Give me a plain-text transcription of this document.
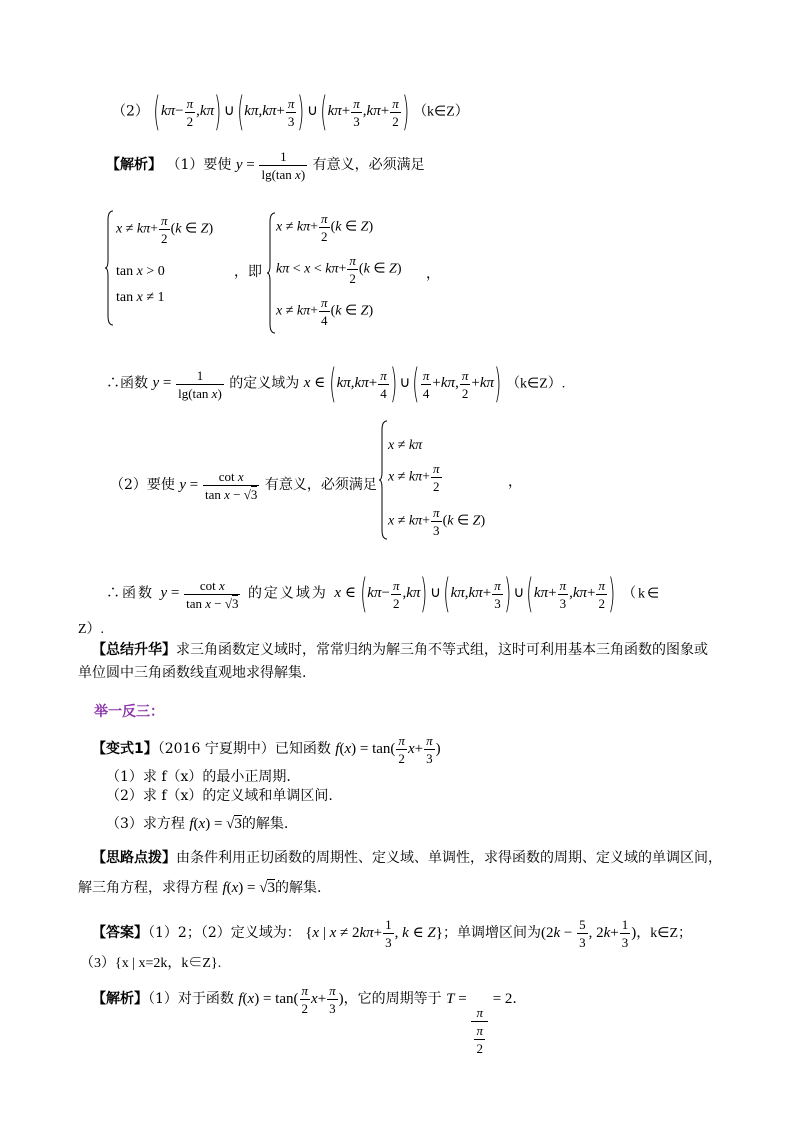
（2） $(k\pi- \frac{\pi}{2} ,k\pi)$ ∪(kπ,kπ+ $\frac{\pi}{3}$ ) ∪(kπ+ $\frac{\pi}{3} ,k\pi+ \frac{\pi}{2}$ ) （k∈Z）
【解析】 （1）要使 $y = \frac{1}{\text{lg(tan x)}}$ 有意义，必须满足
$x \ne k\pi+ \frac{\pi}{2} (k$ ∈ Z)
tan x > 0
tan x ≠ 1
，即
$x \ne k\pi+ \frac{\pi}{2} (k$ ∈ Z)
$k\pi < x < k\pi+ \frac{\pi}{2} (k$ ∈ Z)
$x \ne k\pi+ \frac{\pi}{4} (k$ ∈ Z)
，
∴函数 $y = \frac{1}{\text{lg(tan x)}}$ 的定义域为 x ∈ ($k\pi,k\pi+ \frac{\pi}{4}$ ) ∪( $\frac{\pi}{4} +k\pi$, $\frac{\pi}{2} +k\pi$) （k∈Z）.
（2）要使 $y = \frac{\text{cot x}}{\text{tan x − √3}}$ 有意义，必须满足
x ≠ kπ
$x \ne k\pi+ \frac{\pi}{2}$
$x \ne k\pi+ \frac{\pi}{3} (k$ ∈ Z)
，
∴函数 $y = \frac{\text{cot x}}{\text{tan x − √3}}$ 的定义域为 x ∈ $(k\pi- \frac{\pi}{2} ,k\pi)$ ∪(kπ,kπ+ $\frac{\pi}{3}$ ) ∪(kπ+ $\frac{\pi}{3} ,k\pi+ \frac{\pi}{2}$ ) （k∈
Z）.
【总结升华】求三角函数定义域时，常常归纳为解三角不等式组，这时可利用基本三角函数的图象或
单位圆中三角函数线直观地求得解集.
举一反三：
【变式1】（2016 宁夏期中）已知函数 $f(x) = \tan( \frac{\pi}{2} x+ \frac{\pi}{3}$ )
（1）求 f（x）的最小正周期.
（2）求 f（x）的定义域和单调区间.
（3）求方程 f(x) = √3的解集.
【思路点拨】由条件利用正切函数的周期性、定义域、单调性，求得函数的周期、定义域的单调区间，
解三角方程，求得方程 f(x) = √3的解集.
【答案】（1）2；（2）定义域为： {x | $x \ne 2k\pi+ \frac{1}{3}$ , k ∈ Z}；单调增区间为($2k - \frac{5}{3}$ , $2k+ \frac{1}{3}$ )，k∈Z；
（3）{x | x=2k，k∈Z}.
【解析】（1）对于函数 $f(x) = \tan( \frac{\pi}{2} x+ \frac{\pi}{3}$ )，它的周期等于 T =
$\frac{\pi}{\frac{\pi}{2}}$
= 2.
